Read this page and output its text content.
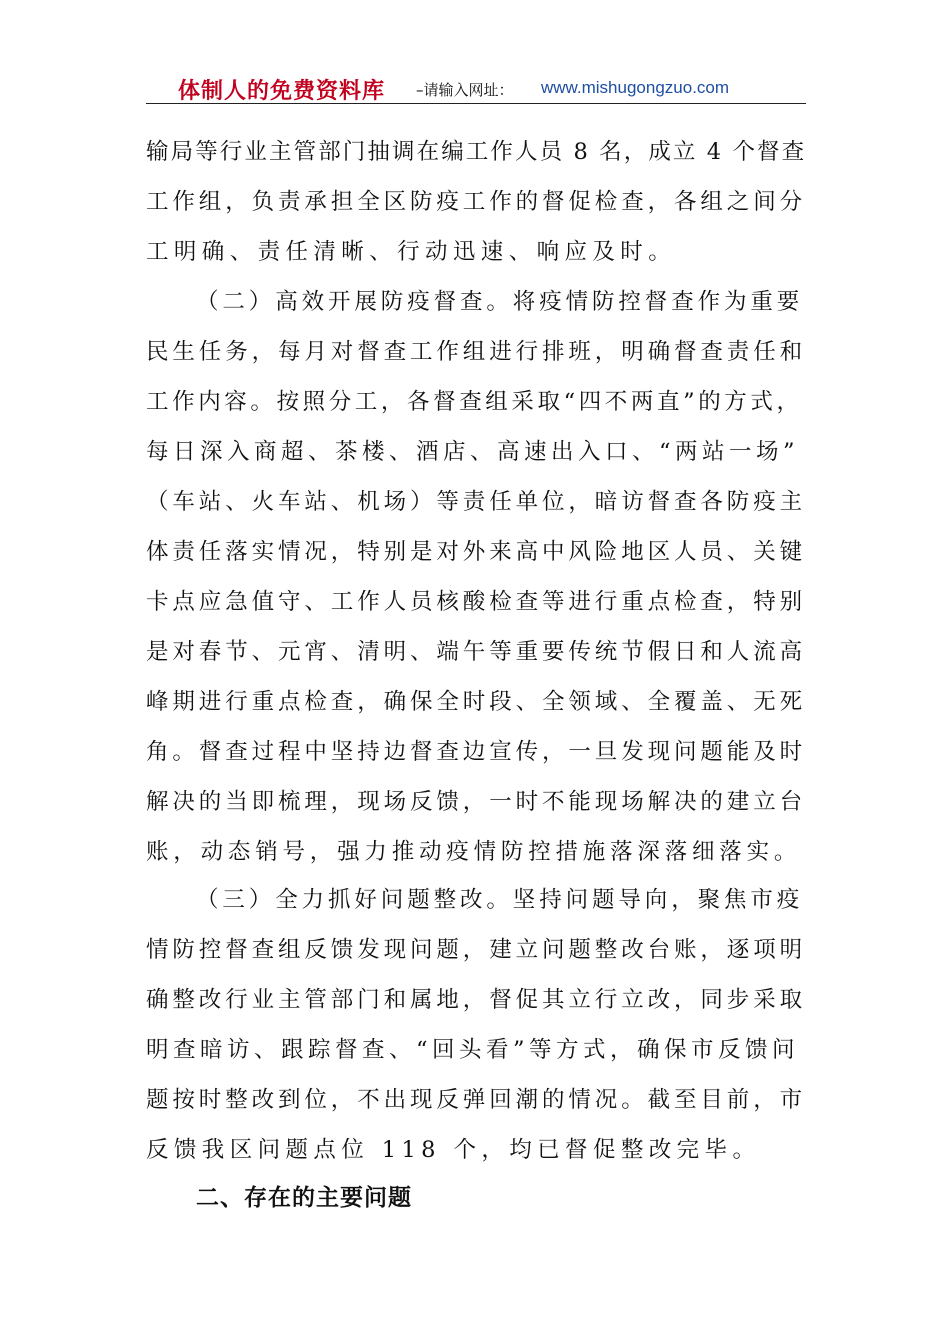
体制人的免费资料库 –请输入网址： www.mishugongzuo.com
输局等行业主管部门抽调在编工作人员 8 名，成立 4 个督查
工作组，负责承担全区防疫工作的督促检查，各组之间分
工明确、责任清晰、行动迅速、响应及时。
（二）高效开展防疫督查。将疫情防控督查作为重要
民生任务，每月对督查工作组进行排班，明确督查责任和
工作内容。按照分工，各督查组采取“四不两直”的方式，
每日深入商超、茶楼、酒店、高速出入口、“两站一场”
（车站、火车站、机场）等责任单位，暗访督查各防疫主
体责任落实情况，特别是对外来高中风险地区人员、关键
卡点应急值守、工作人员核酸检查等进行重点检查，特别
是对春节、元宵、清明、端午等重要传统节假日和人流高
峰期进行重点检查，确保全时段、全领域、全覆盖、无死
角。督查过程中坚持边督查边宣传，一旦发现问题能及时
解决的当即梳理，现场反馈，一时不能现场解决的建立台
账，动态销号，强力推动疫情防控措施落深落细落实。
（三）全力抓好问题整改。坚持问题导向，聚焦市疫
情防控督查组反馈发现问题，建立问题整改台账，逐项明
确整改行业主管部门和属地，督促其立行立改，同步采取
明查暗访、跟踪督查、“回头看”等方式，确保市反馈问
题按时整改到位，不出现反弹回潮的情况。截至目前，市
反馈我区问题点位 118 个，均已督促整改完毕。
二、存在的主要问题
